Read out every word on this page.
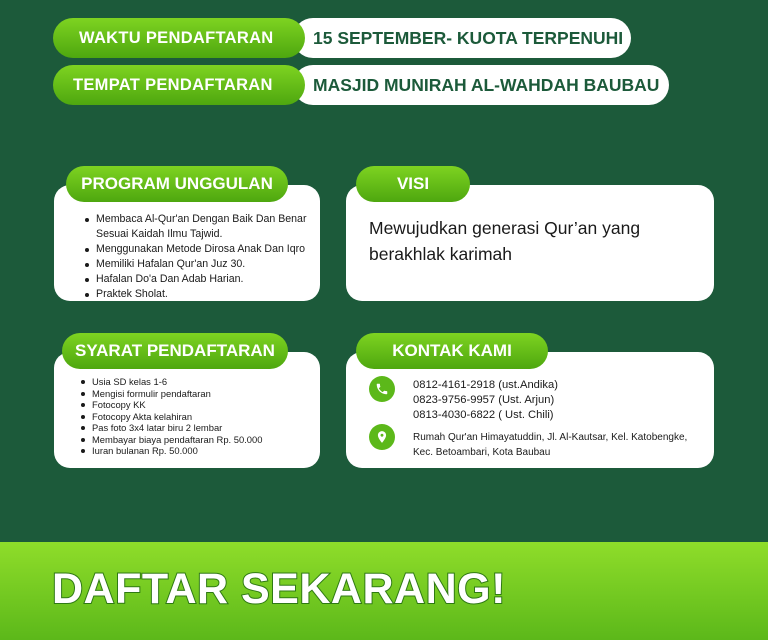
15 SEPTEMBER- KUOTA TERPENUHI
WAKTU PENDAFTARAN
MASJID MUNIRAH AL-WAHDAH BAUBAU
TEMPAT PENDAFTARAN
PROGRAM UNGGULAN
Membaca Al-Qur'an Dengan Baik Dan Benar Sesuai Kaidah Ilmu Tajwid.
Menggunakan Metode Dirosa Anak Dan Iqro
Memiliki Hafalan Qur'an Juz 30.
Hafalan Do'a Dan Adab Harian.
Praktek Sholat.
VISI
Mewujudkan generasi Qur’an yang berakhlak karimah
SYARAT PENDAFTARAN
Usia SD kelas 1-6
Mengisi formulir pendaftaran
Fotocopy KK
Fotocopy Akta kelahiran
Pas foto 3x4 latar biru 2 lembar
Membayar biaya pendaftaran Rp. 50.000
Iuran bulanan Rp. 50.000
KONTAK KAMI
0812-4161-2918 (ust.Andika)
0823-9756-9957 (Ust. Arjun)
0813-4030-6822 ( Ust. Chili)
Rumah Qur'an Himayatuddin, Jl. Al-Kautsar, Kel. Katobengke, Kec. Betoambari, Kota Baubau
DAFTAR SEKARANG!
